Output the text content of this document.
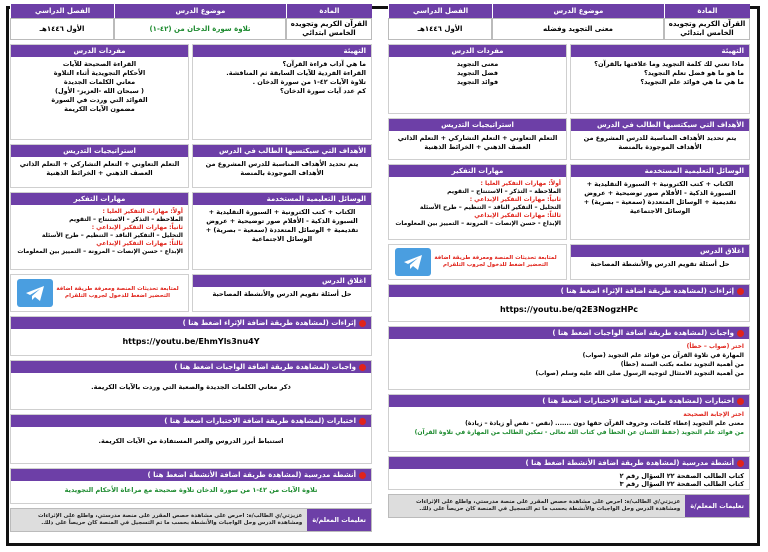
المادة
موضوع الدرس
الفصل الدراسي
القرآن الكريم وتجويده الخامس ابتدائي
تلاوة سورة الدخان من (٤٢-١)
الأول ١٤٤٦هـ
التهيئة
ما هي آداب قراءة القرآن؟
القراءة الفردية للآيات السابقة ثم المناقشة.
تلاوة الآيات ٤٢-١ من سورة الدخان .
كم عدد آيات سورة الدخان؟
الأهداف التي سيكتسبها الطالب في الدرس
يتم تحديد الأهداف المناسبة للدرس المشروع من الأهداف الموجودة بالمنصة
الوسائل التعليمية المستخدمة
الكتاب + كتب الكترونية + السبورة التقليدية + السبورة الذكية - الأقلام صور توضيحية + عروض تقديمية + الوسائل المتعددة (سمعية – بصرية) + الوسائل الاجتماعية
اغلاق الدرس
حل أسئلة تقويم الدرس والأنشطة المصاحبة
مفردات الدرس
القراءة الصحيحة للآيات
الأحكام التجويدية أثناء التلاوة
معاني الكلمات الجديدة
( سبحان الله -العزيز- الأول)
الفوائد التي وردت في السورة
مضمون الآيات الكريمة
استراتيجيات التدريس
التعلم التعاوني + التعلم التشاركي + التعلم الذاتي العصف الذهني + الخرائط الذهنية
مهارات التفكير
أولاً: مهارات التفكير العليا :
الملاحظة – التذكر – الاستنتاج – التقويم
ثانياً: مهارات التفكير الإبداعي :
التحليل – التفكير الناقد – التنظيم – طرح الأسئلة
ثالثاً: مهارات التفكير الإبداعي
الإبداع - حسن الإنصات – المرونة – التمييز بين المعلومات
لمتابعة تحديثات المنصة ومعرفة طريقة اضافة التحضير اضغط للدخول لجروب التلقرام
إثراءات (لمشاهدة طريقة اضافة الإثراء اضغط هنا )
https://youtu.be/EhmYls3nu4Y
واجبات (لمشاهدة طريقة اضافة الواجبات اضغط هنا )
ذكر معاني الكلمات الجديدة والصعبة التي وردت بالآيات الكريمة.
اختبارات (لمشاهدة طريقة اضافة الاختبارات اضغط هنا )
استنباط أبرز الدروس والعبر المستفادة من الآيات الكريمة.
أنشطة مدرسية (لمشاهدة طريقة اضافة الأنشطة اضغط هنا )
تلاوة الآيات من ٤٢-١ من سورة الدخان تلاوة صحيحة مع مراعاة الأحكام التجويدية
تعليمات المعلم/ة
عزيزتي/ي الطالب/ة: احرص على مشاهدة حصص المقرر على منصة مدرستي، واطلع على الإثراءات ومشاهدة الدرس وحل الواجبات والأنشطة بحسب ما تم التسجيل في المنصة كان حريصاً على ذلك.
المادة
موضوع الدرس
الفصل الدراسي
القرآن الكريم وتجويده الخامس ابتدائي
معنى التجويد وفضله
الأول ١٤٤٦هـ
التهيئة
ماذا تعني لك كلمة التجويد وما علاقتها بالقرآن؟
ما هو ما هو فضل تعلم التجويد؟
ما هي ما هي فوائد علم التجويد؟
الأهداف التي سيكتسبها الطالب في الدرس
يتم تحديد الأهداف المناسبة للدرس المشروع من الأهداف الموجودة بالمنصة
الوسائل التعليمية المستخدمة
الكتاب + كتب الكترونية + السبورة التقليدية + السبورة الذكية - الأقلام صور توضيحية + عروض تقديمية + الوسائل المتعددة (سمعية – بصرية) + الوسائل الاجتماعية
اغلاق الدرس
حل أسئلة تقويم الدرس والأنشطة المصاحبة
مفردات الدرس
معنى التجويد
فضل التجويد
فوائد التجويد
استراتيجيات التدريس
التعلم التعاوني + التعلم التشاركي + التعلم الذاتي العصف الذهني + الخرائط الذهنية
مهارات التفكير
أولاً: مهارات التفكير العليا :
الملاحظة – التذكر – الاستنتاج – التقويم
ثانياً: مهارات التفكير الإبداعي :
التحليل – التفكير الناقد – التنظيم – طرح الأسئلة
ثالثاً: مهارات التفكير الإبداعي
الإبداع - حسن الإنصات – المرونة – التمييز بين المعلومات
لمتابعة تحديثات المنصة ومعرفة طريقة اضافة التحضير اضغط للدخول لجروب التلقرام
إثراءات (لمشاهدة طريقة اضافة الإثراء اضغط هنا )
https://youtu.be/q2E3NogzHPc
واجبات (لمشاهدة طريقة اضافة الواجبات اضغط هنا )
اختر (صواب – خطأ)
المهارة في تلاوة القرآن من فوائد علم التجويد (صواب)
من أهمية التجويد تعلمه بكتب السنة (خطأ)
من أهمية التجويد الامتثال لتوجيه الرسول صلى الله عليه وسلم (صواب)
اختبارات (لمشاهدة طريقة اضافة الاختبارات اضغط هنا )
اختر الإجابة الصحيحة
معنى علم التجويد إعطاء كلمات، وحروف القرآن حقها دون ....... (نقص - نقص أو زيادة – زيادة)
من فوائد علم التجويد (حفظ اللسان عن الخطأ في كتاب الله تعالى - تمكين الطالب من المهارة في تلاوة القرآن)
أنشطة مدرسية (لمشاهدة طريقة اضافة الأنشطة اضغط هنا )
كتاب الطالب الصفحة ٢٢ السؤال رقم ٢
كتاب الطالب الصفحة ٢٢ السؤال رقم ٣
تعليمات المعلم/ة
عزيزتي/ي الطالب/ة: احرص على مشاهدة حصص المقرر على منصة مدرستي، واطلع على الإثراءات ومشاهدة الدرس وحل الواجبات والأنشطة بحسب ما تم التسجيل في المنصة كان حريصاً على ذلك.
